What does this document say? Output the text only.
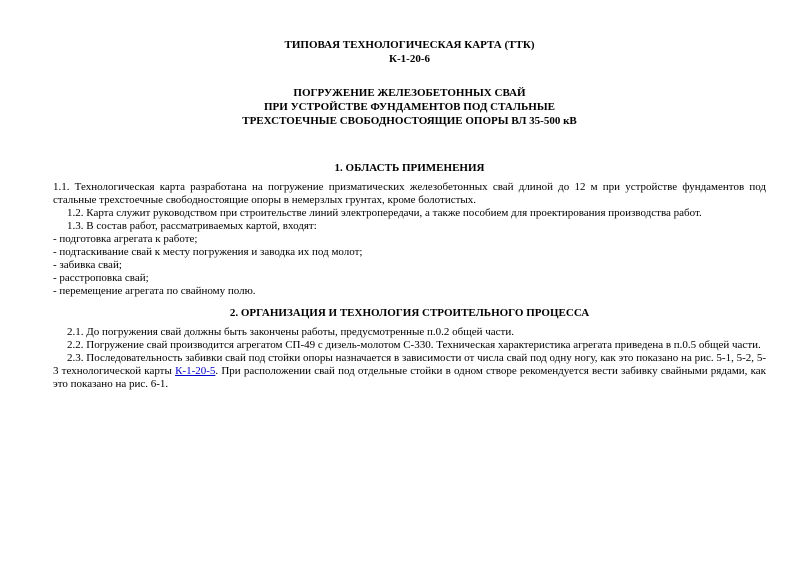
ТИПОВАЯ ТЕХНОЛОГИЧЕСКАЯ КАРТА (ТТК)
К-1-20-6
ПОГРУЖЕНИЕ ЖЕЛЕЗОБЕТОННЫХ СВАЙ
ПРИ УСТРОЙСТВЕ ФУНДАМЕНТОВ ПОД СТАЛЬНЫЕ
ТРЕХСТОЕЧНЫЕ СВОБОДНОСТОЯЩИЕ ОПОРЫ ВЛ 35-500 кВ
1. ОБЛАСТЬ ПРИМЕНЕНИЯ

1.1. Технологическая карта разработана на погружение призматических железобетонных свай длиной до 12 м при устройстве фундаментов под стальные трехстоечные свободностоящие опоры в немерзлых грунтах, кроме болотистых.

1.2. Карта служит руководством при строительстве линий электропередачи, а также пособием для проектирования производства работ.

1.3. В состав работ, рассматриваемых картой, входят:

- подготовка агрегата к работе;

- подтаскивание свай к месту погружения и заводка их под молот;

- забивка свай;

- расстроповка свай;

- перемещение агрегата по свайному полю.

2. ОРГАНИЗАЦИЯ И ТЕХНОЛОГИЯ СТРОИТЕЛЬНОГО ПРОЦЕССА

2.1. До погружения свай должны быть закончены работы, предусмотренные п.0.2 общей части.

2.2. Погружение свай производится агрегатом СП-49 с дизель-молотом С-330. Техническая характеристика агрегата приведена в п.0.5 общей части.

2.3. Последовательность забивки свай под стойки опоры назначается в зависимости от числа свай под одну ногу, как это показано на рис. 5-1, 5-2, 5-3 технологической карты К-1-20-5. При расположении свай под отдельные стойки в одном створе рекомендуется вести забивку свайными рядами, как это показано на рис. 6-1.
